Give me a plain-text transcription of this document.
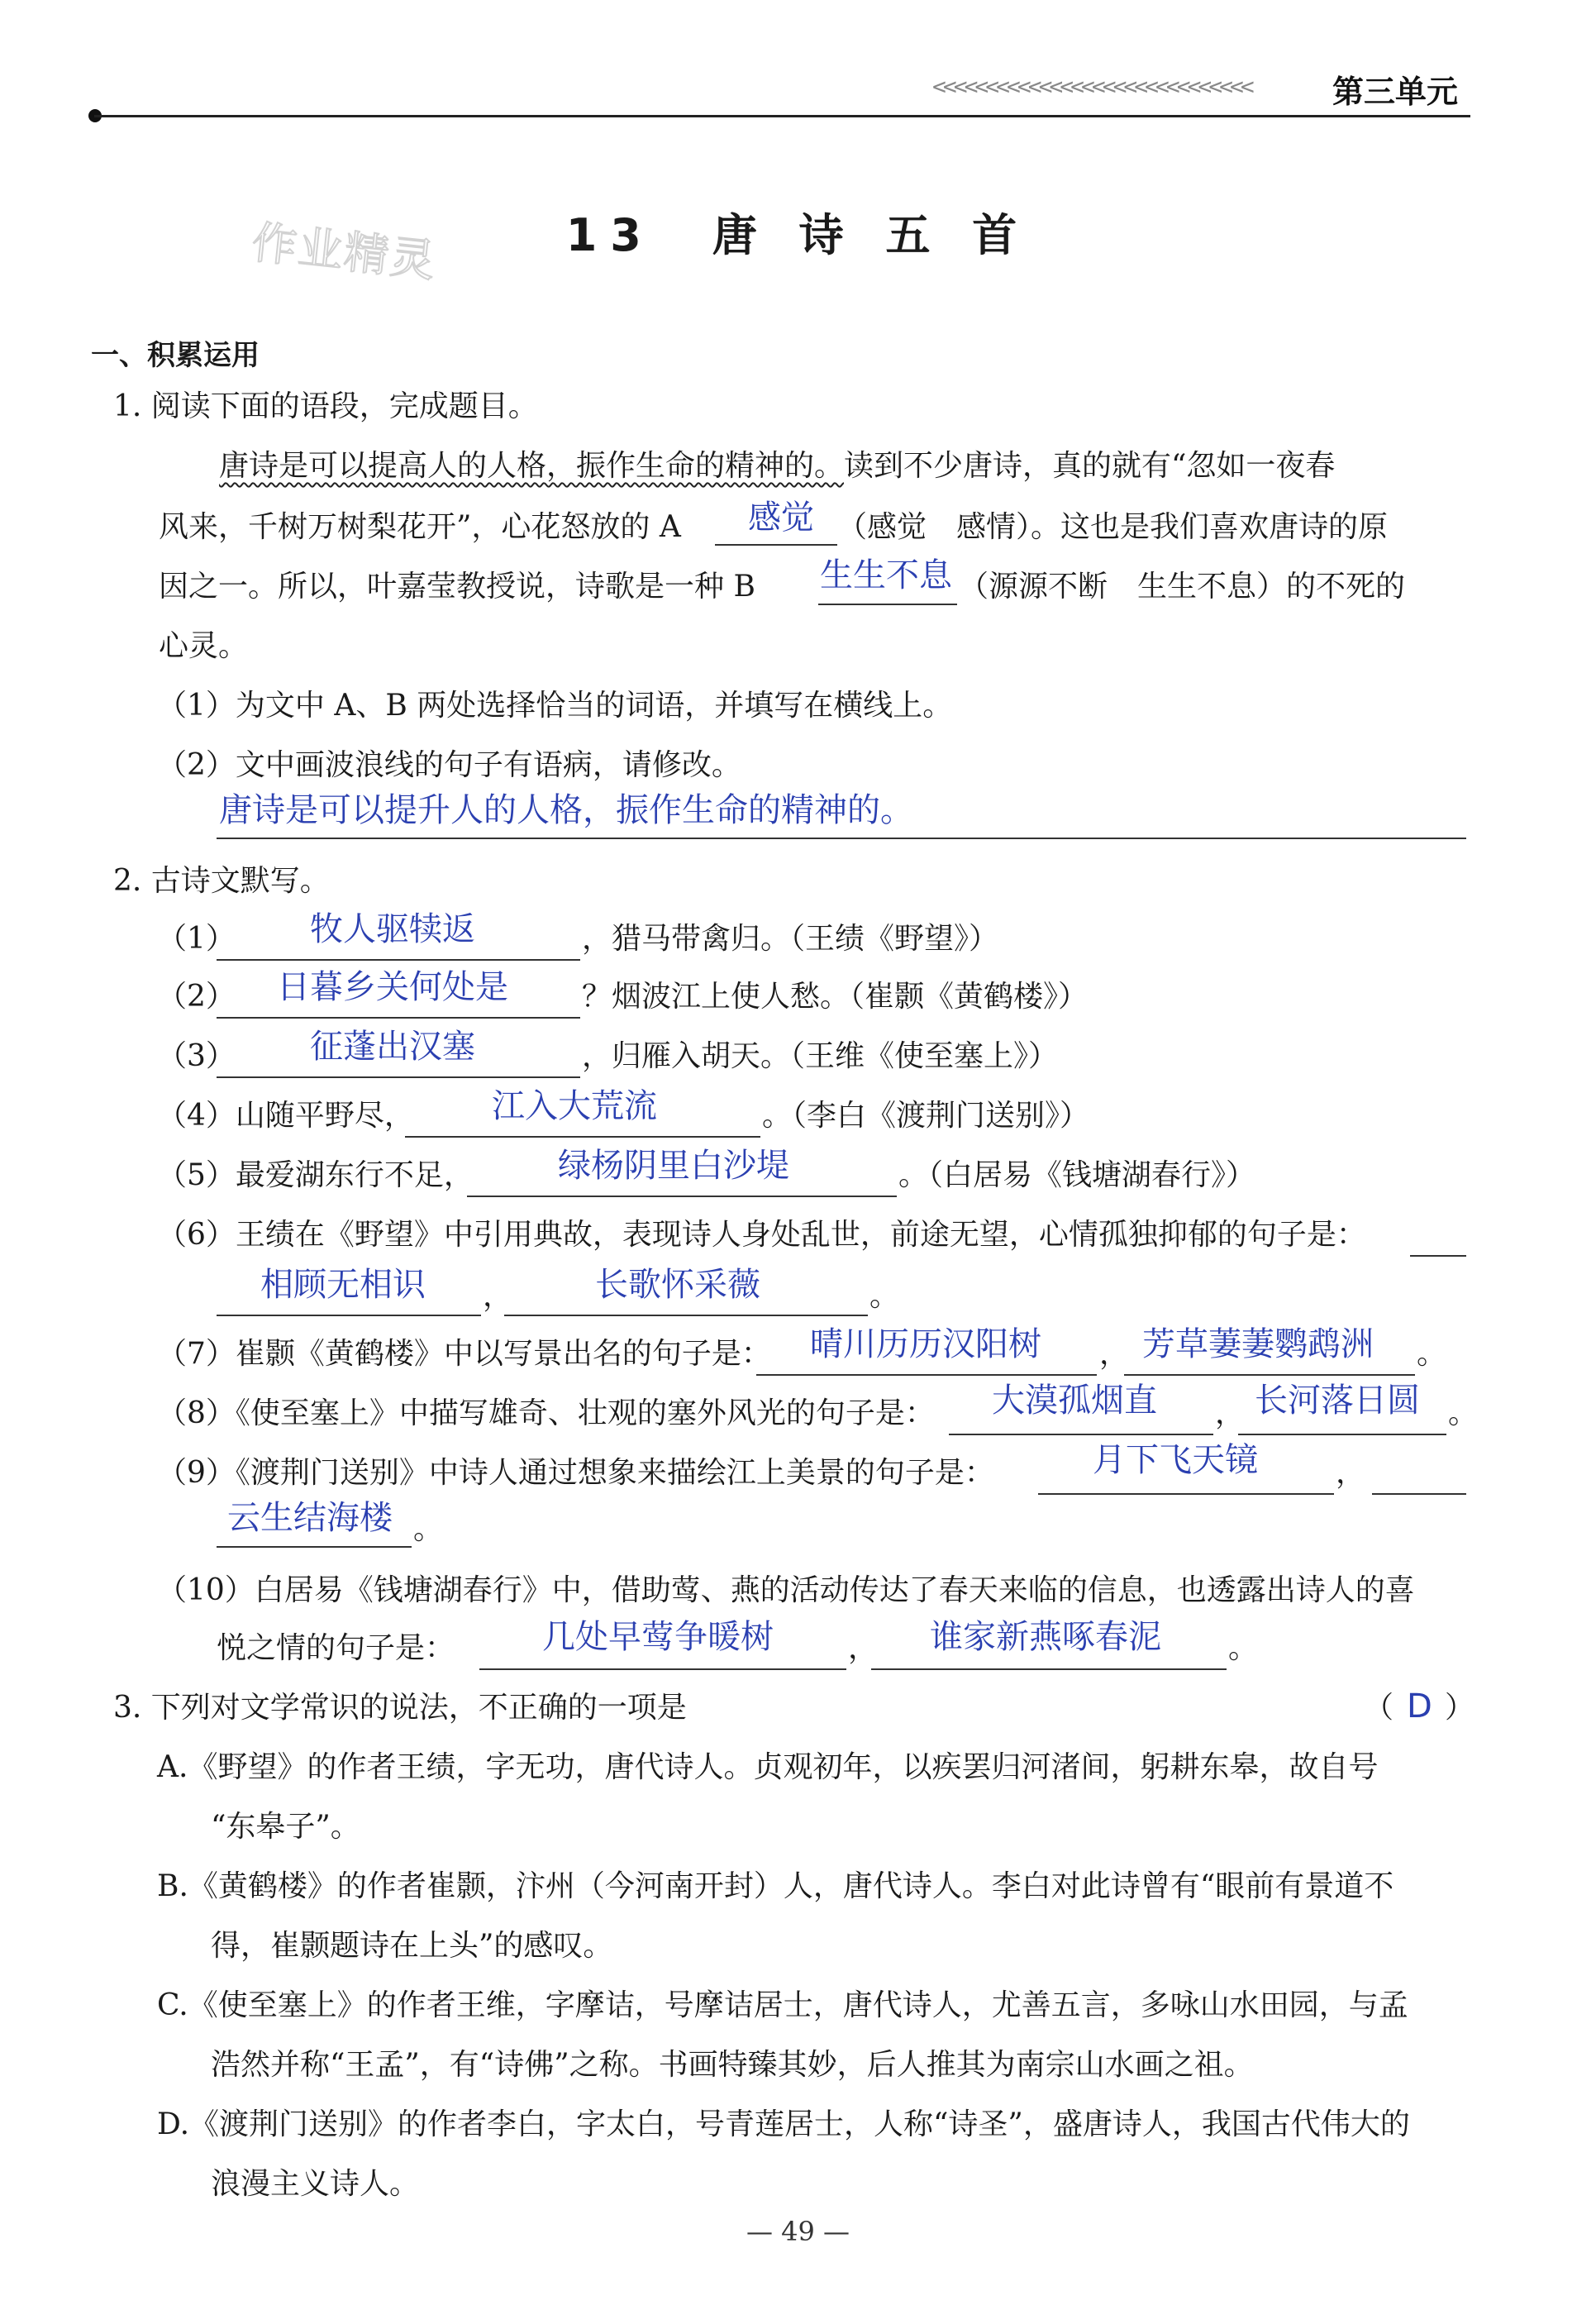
<<<<<<<<<<<<<<<<<<<<<<<<<<<<<<	第三单元
作业精灵	13　唐 诗 五 首
一、积累运用
1. 阅读下面的语段，完成题目。
唐诗是可以提高人的人格，振作生命的精神的。读到不少唐诗，真的就有“忽如一夜春
风来，千树万树梨花开”，心花怒放的 A 感觉 （感觉　感情）。这也是我们喜欢唐诗的原
因之一。所以，叶嘉莹教授说，诗歌是一种 B 生生不息 （源源不断　生生不息）的不死的
心灵。
（1）为文中 A、B 两处选择恰当的词语，并填写在横线上。
（2）文中画波浪线的句子有语病，请修改。
唐诗是可以提升人的人格，振作生命的精神的。
2. 古诗文默写。
（1） 牧人驱犊返	，猎马带禽归。（王绩《野望》）
（2） 日暮乡关何处是 ？烟波江上使人愁。（崔颢《黄鹤楼》）
（3） 征蓬出汉塞	，归雁入胡天。（王维《使至塞上》）
（4）山随平野尽， 江入大荒流	。（李白《渡荆门送别》）
（5）最爱湖东行不足，	绿杨阴里白沙堤	。（白居易《钱塘湖春行》）
（6）王绩在《野望》中引用典故，表现诗人身处乱世，前途无望，心情孤独抑郁的句子是：
相顾无相识 ， 长歌怀采薇	。
（7）崔颢《黄鹤楼》中以写景出名的句子是： 晴川历历汉阳树 ， 芳草萋萋鹦鹉洲 。
（8）《使至塞上》中描写雄奇、壮观的塞外风光的句子是： 大漠孤烟直 ， 长河落日圆 。
（9）《渡荆门送别》中诗人通过想象来描绘江上美景的句子是：	月下飞天镜	，
云生结海楼 。
（10）白居易《钱塘湖春行》中，借助莺、燕的活动传达了春天来临的信息，也透露出诗人的喜
悦之情的句子是：	几处早莺争暖树	， 谁家新燕啄春泥 。
3. 下列对文学常识的说法，不正确的一项是	（ D ）
A.《野望》的作者王绩，字无功，唐代诗人。贞观初年，以疾罢归河渚间，躬耕东皋，故自号
“东皋子”。
B.《黄鹤楼》的作者崔颢，汴州（今河南开封）人，唐代诗人。李白对此诗曾有“眼前有景道不
得，崔颢题诗在上头”的感叹。
C.《使至塞上》的作者王维，字摩诘，号摩诘居士，唐代诗人，尤善五言，多咏山水田园，与孟
浩然并称“王孟”，有“诗佛”之称。书画特臻其妙，后人推其为南宗山水画之祖。
D.《渡荆门送别》的作者李白，字太白，号青莲居士，人称“诗圣”，盛唐诗人，我国古代伟大的
浪漫主义诗人。
— 49 —
